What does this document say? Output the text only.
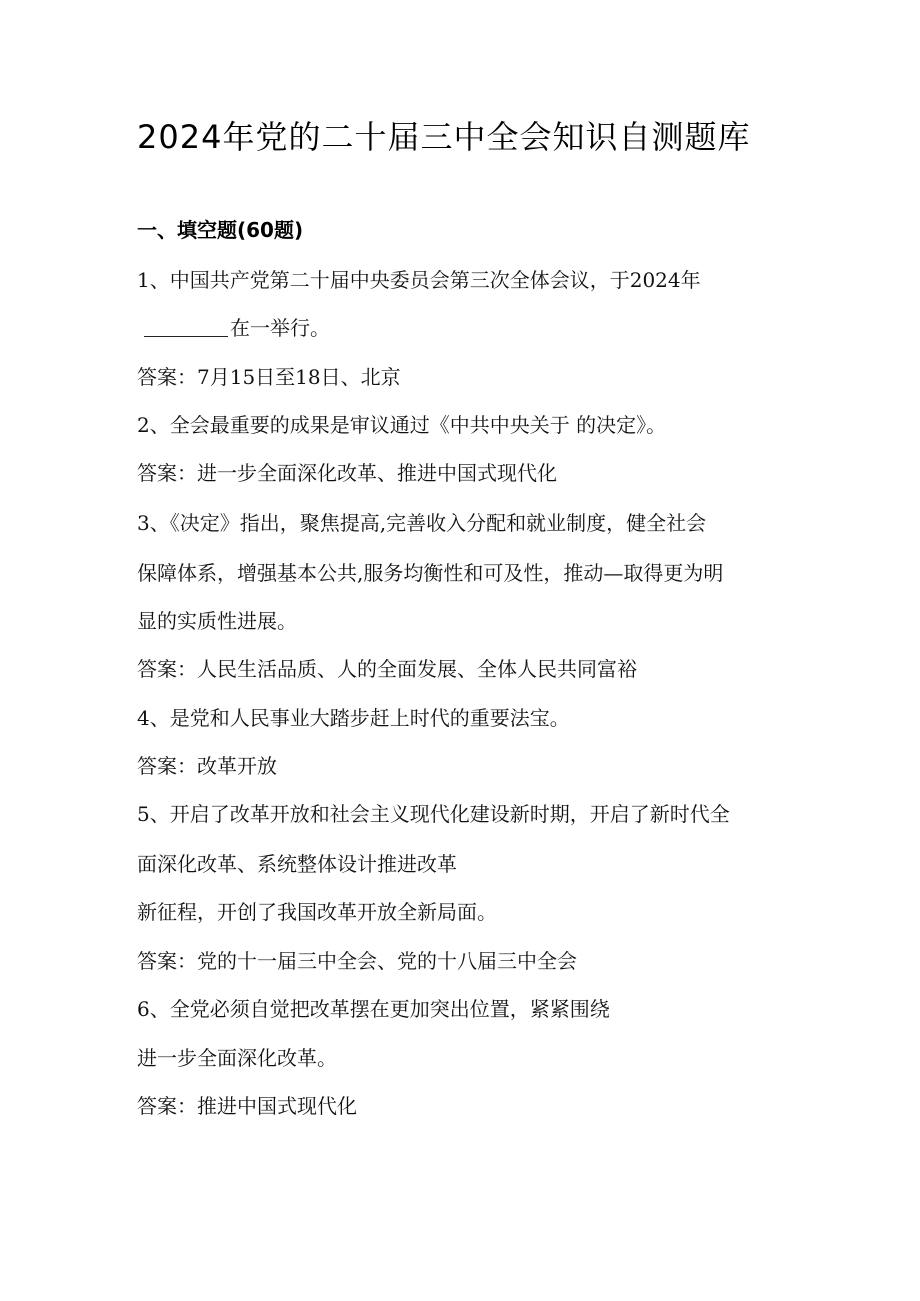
2024年党的二十届三中全会知识自测题库
一、填空题(60题)
1、中国共产党第二十届中央委员会第三次全体会议，于2024年
在一举行。
答案：7月15日至18日、北京
2、全会最重要的成果是审议通过《中共中央关于 的决定》。
答案：进一步全面深化改革、推进中国式现代化
3、《决定》指出，聚焦提高,完善收入分配和就业制度，健全社会
保障体系，增强基本公共,服务均衡性和可及性，推动—取得更为明
显的实质性进展。
答案：人民生活品质、人的全面发展、全体人民共同富裕
4、是党和人民事业大踏步赶上时代的重要法宝。
答案：改革开放
5、开启了改革开放和社会主义现代化建设新时期，开启了新时代全
面深化改革、系统整体设计推进改革
新征程，开创了我国改革开放全新局面。
答案：党的十一届三中全会、党的十八届三中全会
6、全党必须自觉把改革摆在更加突出位置，紧紧围绕
进一步全面深化改革。
答案：推进中国式现代化
